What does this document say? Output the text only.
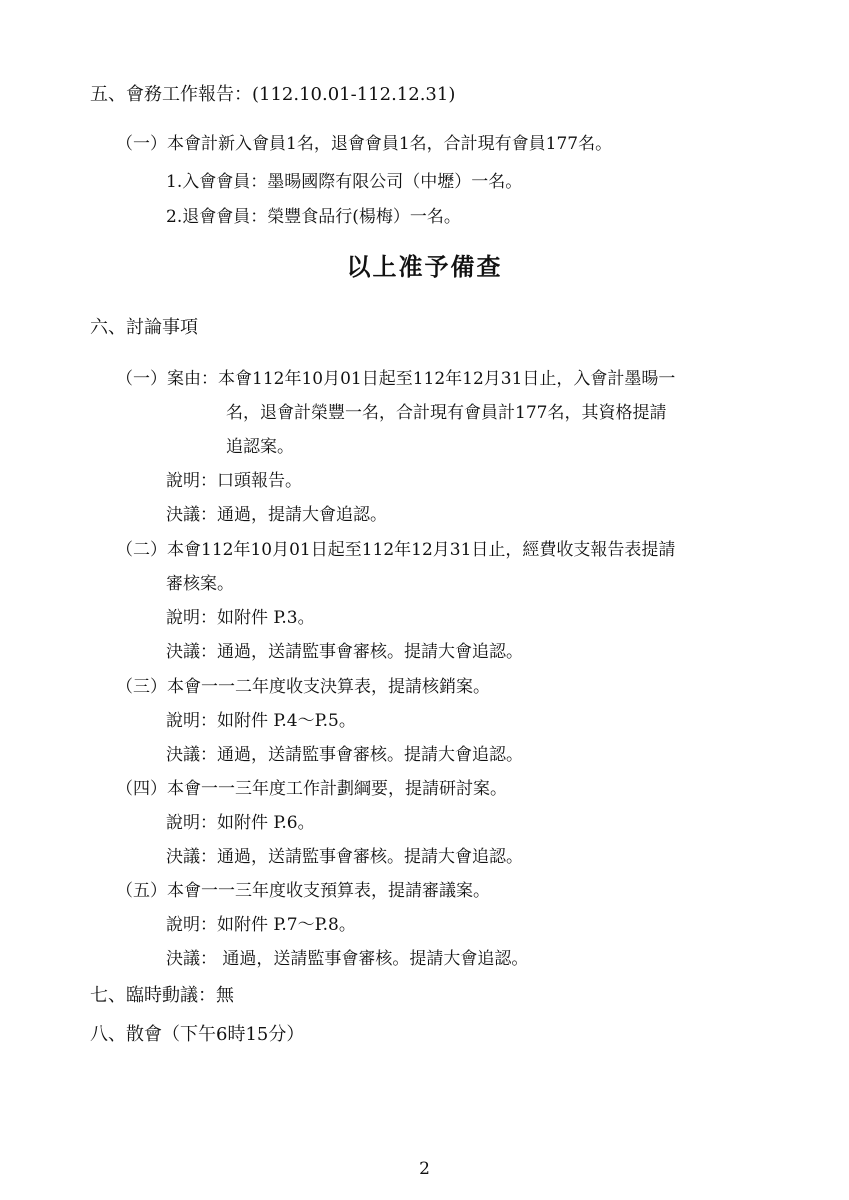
五、會務工作報告：(112.10.01-112.12.31)
（一）本會計新入會員1名，退會會員1名，合計現有會員177名。
1.入會會員：墨暘國際有限公司（中壢）一名。
2.退會會員：榮豐食品行(楊梅）一名。
以上准予備查
六、討論事項
（一）案由：本會112年10月01日起至112年12月31日止，入會計墨暘一
名，退會計榮豐一名，合計現有會員計177名，其資格提請
追認案。
說明：口頭報告。
決議：通過，提請大會追認。
（二）本會112年10月01日起至112年12月31日止，經費收支報告表提請
審核案。
說明：如附件 P.3。
決議：通過，送請監事會審核。提請大會追認。
（三）本會一一二年度收支決算表，提請核銷案。
說明：如附件 P.4～P.5。
決議：通過，送請監事會審核。提請大會追認。
（四）本會一一三年度工作計劃綱要，提請研討案。
說明：如附件 P.6。
決議：通過，送請監事會審核。提請大會追認。
（五）本會一一三年度收支預算表，提請審議案。
說明：如附件 P.7～P.8。
決議： 通過，送請監事會審核。提請大會追認。
七、臨時動議：無
八、散會（下午6時15分）
2
